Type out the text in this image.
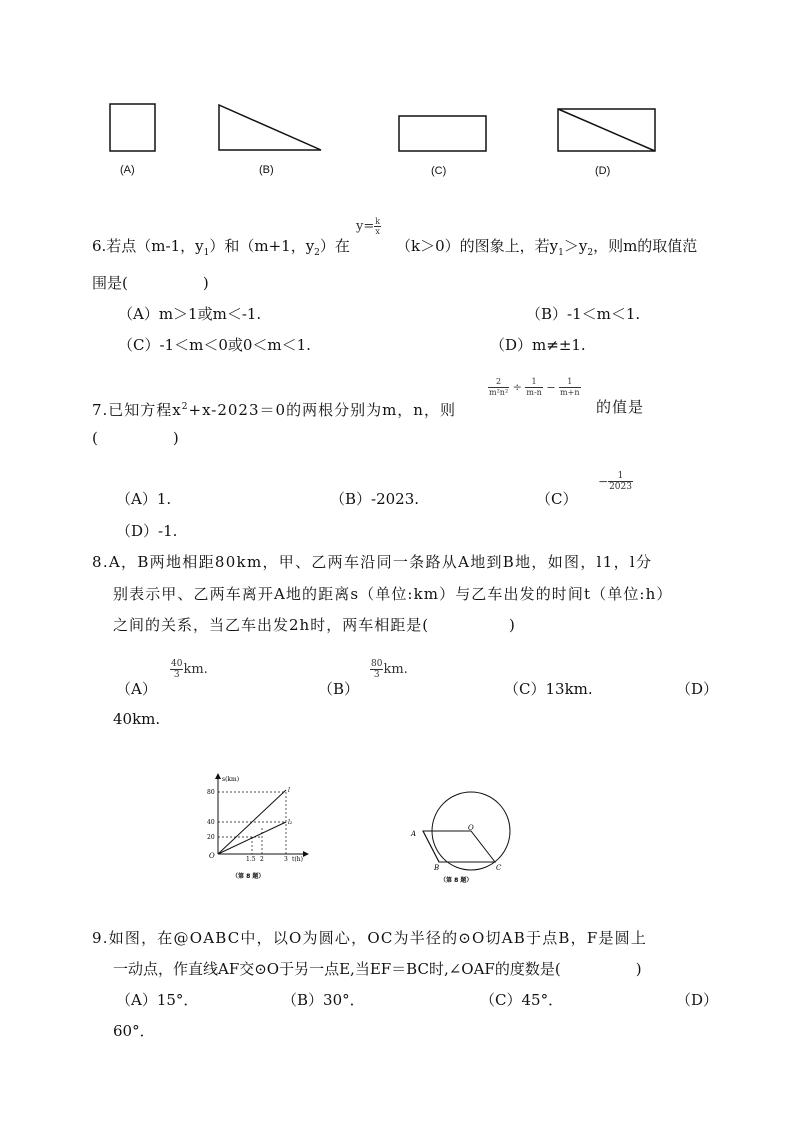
(A)	(B)	(C)	(D)
6.若点（m-1，$y_1$）和（m+1，$y_2$）在
$y= \frac{k}{x}$
（k＞0）的图象上，若$y_1>y_2$，则m的取值范
围是(　　　　　)
（A）m＞1或m＜-1.	（B）-1＜m＜1.
（C）-1＜m＜0或0＜m＜1.	（D）m≠±1.
7.已知方程$x^2+x-2023=0$的两根分别为m，n，则
$\frac{2}{\text{m²n²}} \div \frac{1}{m-n} - \frac{1}{m+n}$
的值是
(　　　　　)
（A）1.	（B）-2023.	（C）
− $\frac{1}{2023}$
（D）-1.
8.A，B两地相距80km，甲、乙两车沿同一条路从A地到B地，如图，l1，l分
别表示甲、乙两车离开A地的距离s（单位:km）与乙车出发的时间t（单位:h）
之间的关系，当乙车出发2h时，两车相距是(　　　　　)
（A）
$\frac{40}{3}$ km.
（B）
$\frac{80}{3}$ km.
（C）13km.	（D）
40km.
s(km)
t(h)
80
40
20
1.5 2	3
O
l
l₂
（第 8 题）
A
B	C
O
（第 8 题）
9.如图，在@OABC中，以O为圆心，OC为半径的⊙O切AB于点B，F是圆上
一动点，作直线AF交⊙O于另一点E,当EF＝BC时,∠OAF的度数是(　　　　　)
（A）15°．	（B）30°．	（C）45°．	（D）
60°．
